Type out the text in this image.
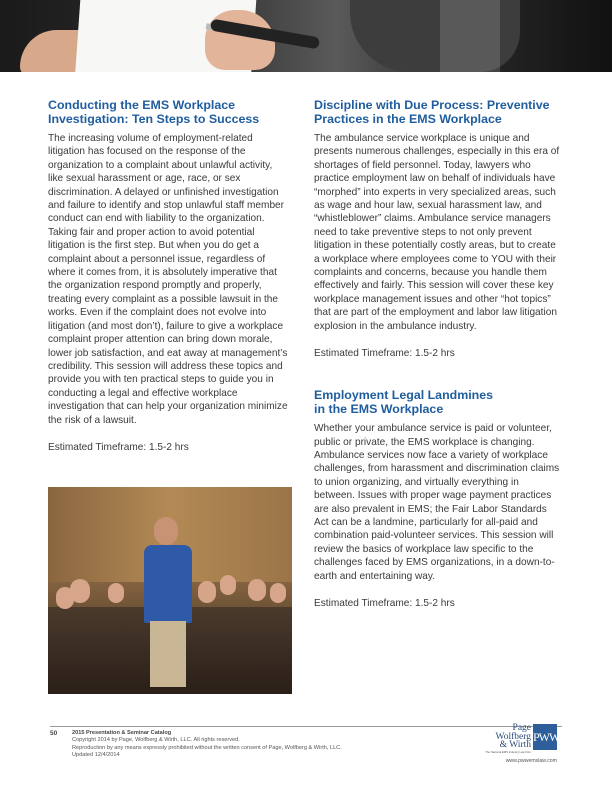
Conducting the EMS Workplace
Investigation: Ten Steps to Success

The increasing volume of employment-related litigation has focused on the response of the organization to a complaint about unlawful activity, like sexual harassment or age, race, or sex discrimination. A delayed or unfinished investigation and failure to identify and stop unlawful staff member conduct can end with liability to the organization. Taking fair and proper action to avoid potential litigation is the first step. But when you do get a complaint about a personnel issue, regardless of where it comes from, it is absolutely imperative that the organization respond promptly and properly, treating every complaint as a possible lawsuit in the works. Even if the complaint does not evolve into litigation (and most don’t), failure to give a workplace complaint proper attention can bring down morale, lower job satisfaction, and eat away at management’s credibility. This session will address these topics and provide you with ten practical steps to guide you in conducting a legal and effective workplace investigation that can help your organization minimize the risk of a lawsuit.

Estimated Timeframe: 1.5-2 hrs
Discipline with Due Process: Preventive
Practices in the EMS Workplace

The ambulance service workplace is unique and presents numerous challenges, especially in this era of shortages of field personnel. Today, lawyers who practice employment law on behalf of individuals have “morphed” into experts in very specialized areas, such as wage and hour law, sexual harassment law, and “whistleblower” claims. Ambulance service managers need to take preventive steps to not only prevent litigation in these potentially costly areas, but to create a workplace where employees come to YOU with their complaints and concerns, because you handle them effectively and fairly. This session will cover these key workplace management issues and other “hot topics” that are part of the employment and labor law litigation explosion in the ambulance industry.

Estimated Timeframe: 1.5-2 hrs
Employment Legal Landmines
in the EMS Workplace

Whether your ambulance service is paid or volunteer, public or private, the EMS workplace is changing. Ambulance services now face a variety of workplace challenges, from harassment and discrimination claims to union organizing, and virtually everything in between. Issues with proper wage payment practices are also prevalent in EMS; the Fair Labor Standards Act can be a landmine, particularly for all-paid and combination paid-volunteer services. This session will review the basics of workplace law specific to the challenges faced by EMS organizations, in a down-to-earth and entertaining way.

Estimated Timeframe: 1.5-2 hrs
50	2015 Presentation & Seminar Catalog
Copyright 2014 by Page, Wolfberg & Wirth, LLC. All rights reserved.
Reproduction by any means expressly prohibited without the written consent of Page, Wolfberg & Wirth, LLC.
Updated 12/4/2014
Page
Wolfberg
& Wirth
The National EMS Industry Law Firm
PWW
www.pwwemslaw.com
